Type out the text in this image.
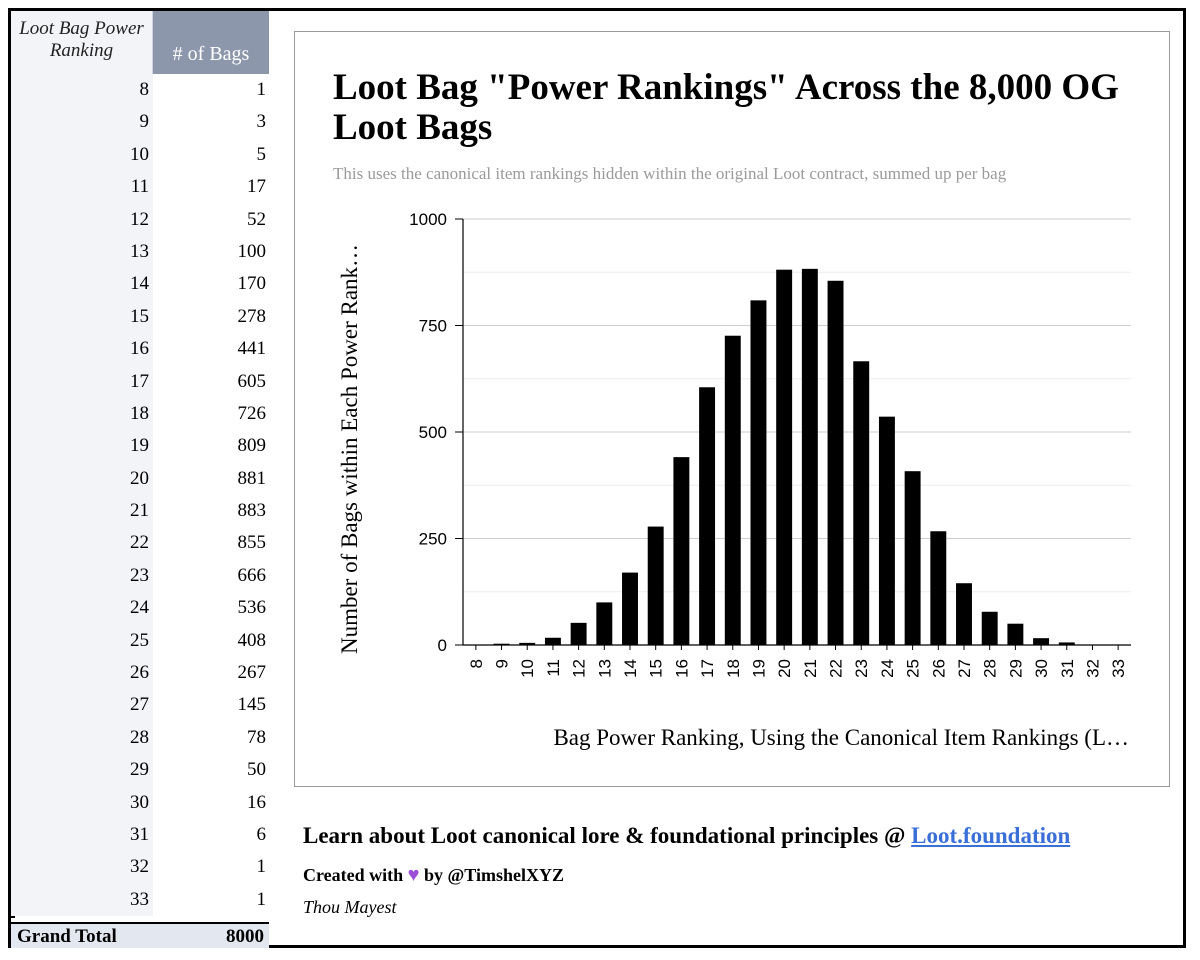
Loot Bag Power Ranking	# of Bags
8	1
9	3
10	5
11	17
12	52
13	100
14	170
15	278
16	441
17	605
18	726
19	809
20	881
21	883
22	855
23	666
24	536
25	408
26	267
27	145
28	78
29	50
30	16
31	6
32	1
33	1
Grand Total	8000
Loot Bag "Power Rankings" Across the 8,000 OG Loot Bags
This uses the canonical item rankings hidden within the original Loot contract, summed up per bag
0
250
500
750
1000
8 9 10 11 12 13 14 15 16 17 18 19 20 21 22 23 24 25 26 27 28 29 30 31 32 33
Bag Power Ranking, Using the Canonical Item Rankings (L…
Number of Bags within Each Power Rank…
Learn about Loot canonical lore & foundational principles @ Loot.foundation
Created with ♥ by @TimshelXYZ
Thou Mayest
